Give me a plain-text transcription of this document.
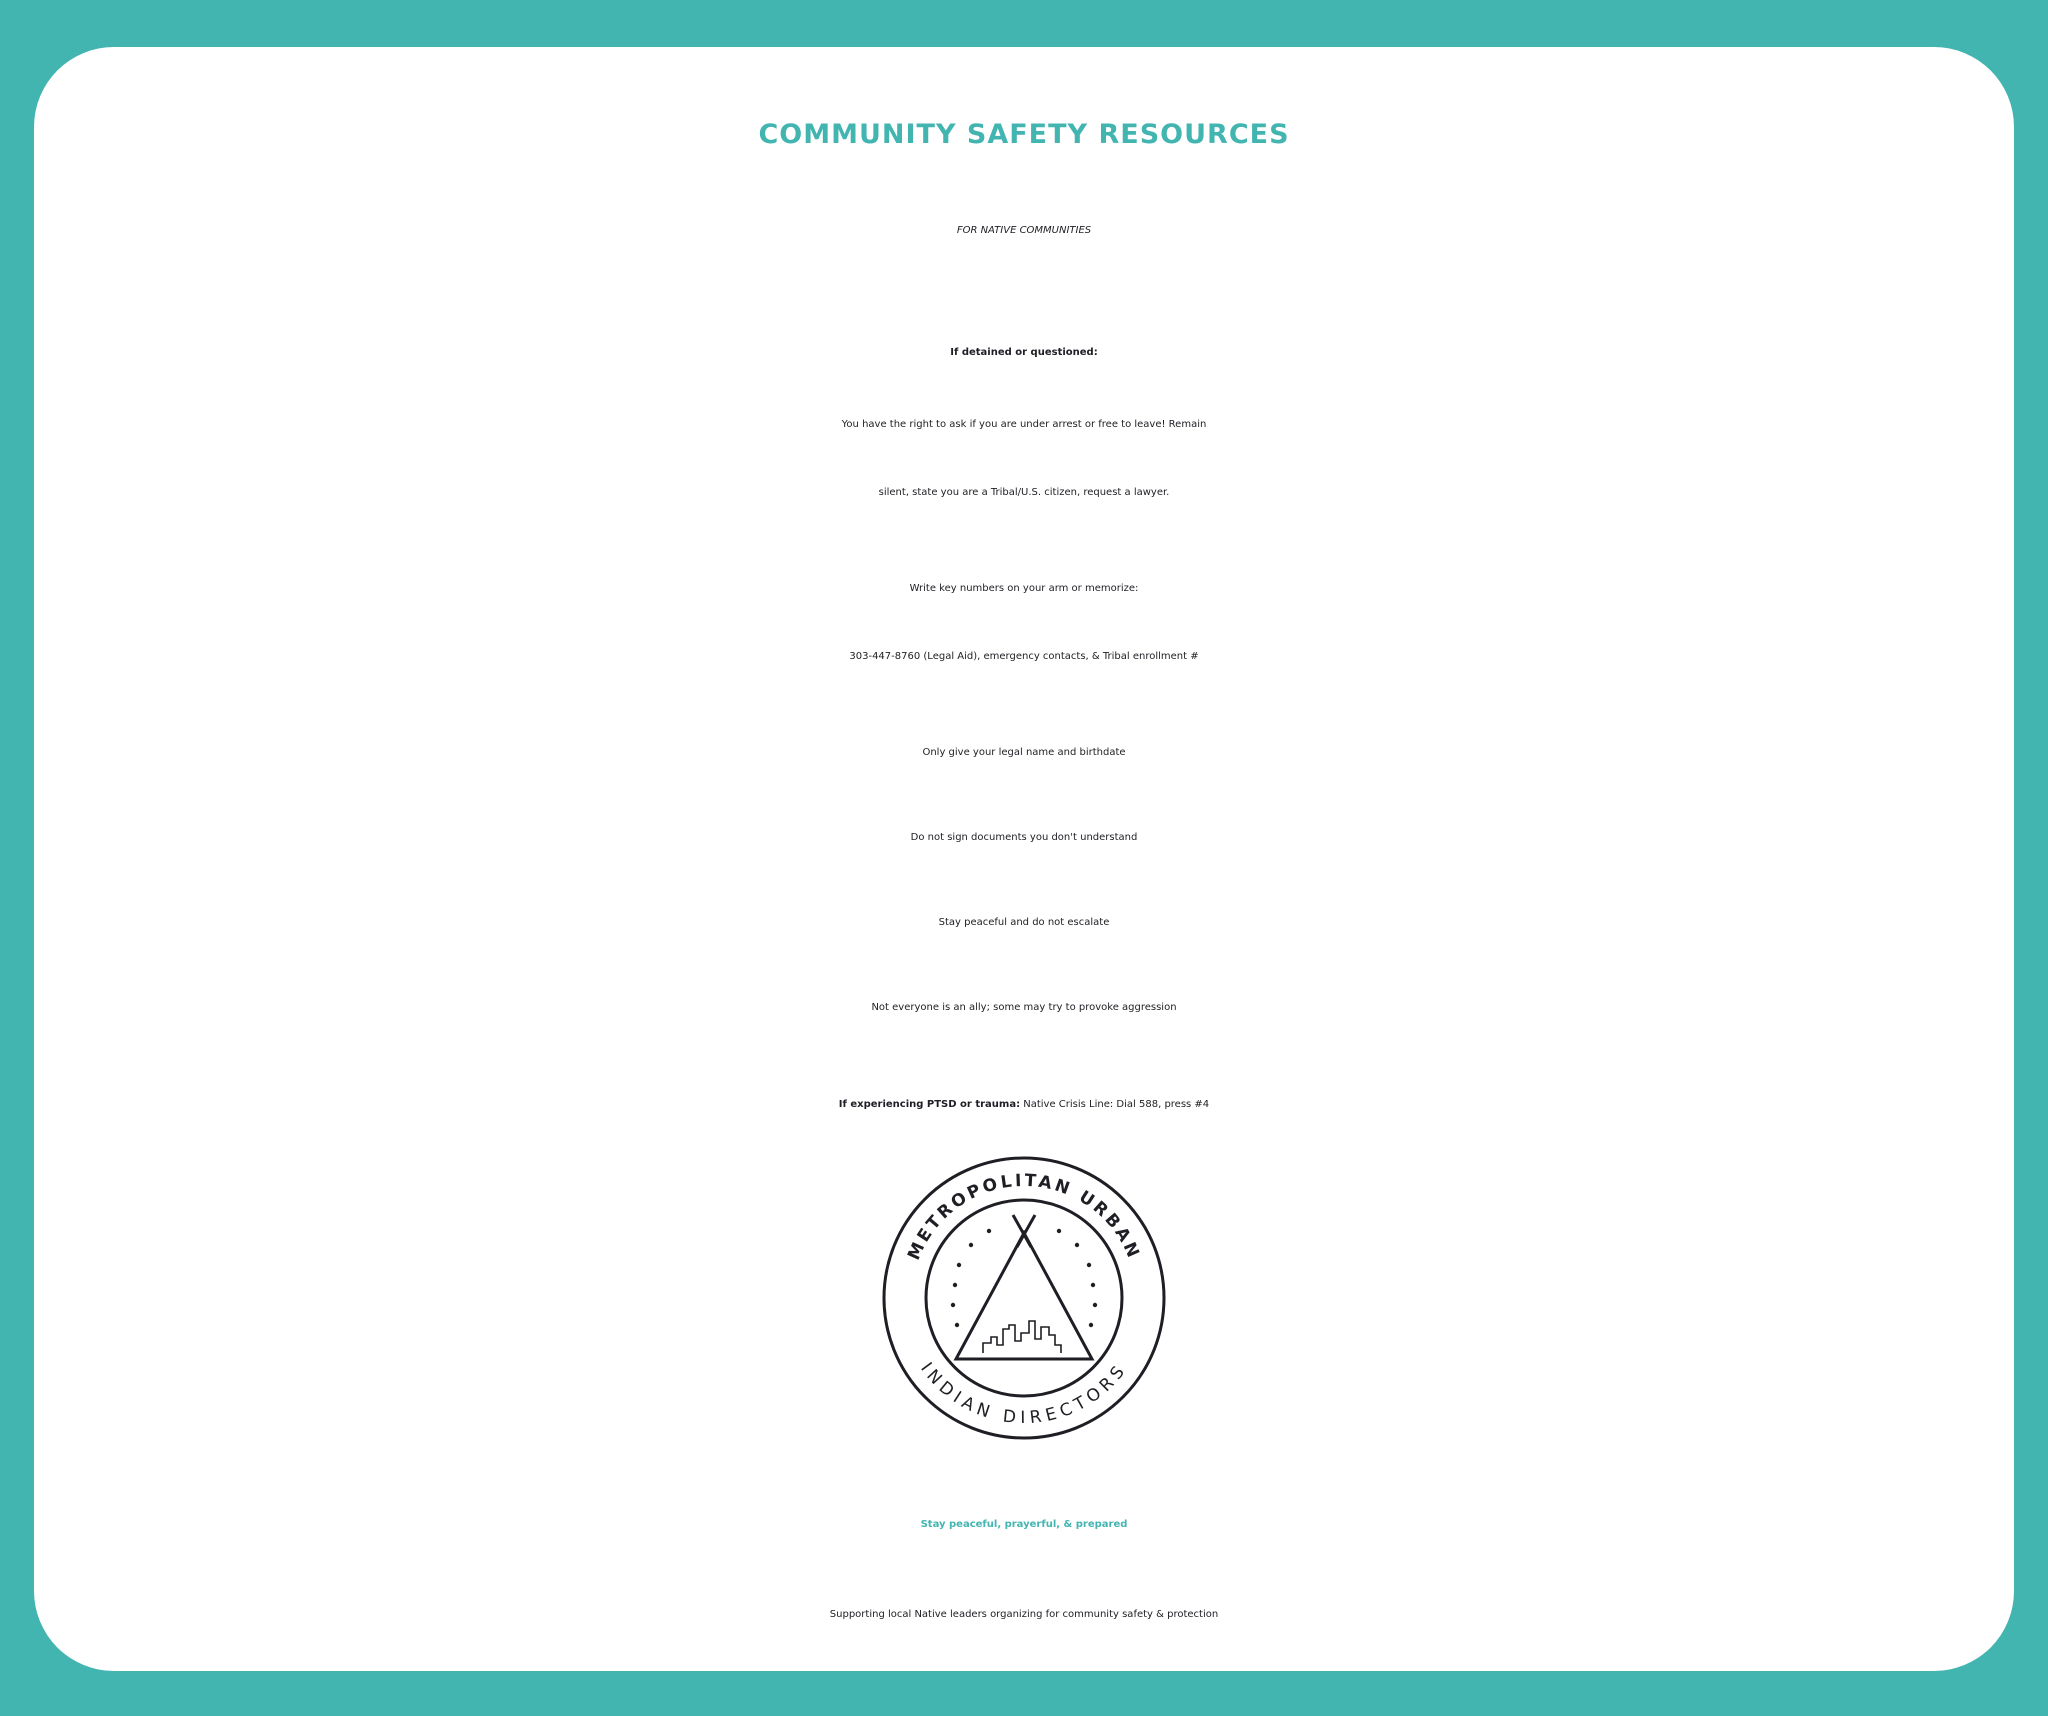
COMMUNITY SAFETY RESOURCES
FOR NATIVE COMMUNITIES
If detained or questioned:
You have the right to ask if you are under arrest or free to leave! Remain
silent, state you are a Tribal/U.S. citizen, request a lawyer.
Write key numbers on your arm or memorize:
303-447-8760 (Legal Aid), emergency contacts, & Tribal enrollment #
Only give your legal name and birthdate
Do not sign documents you don't understand
Stay peaceful and do not escalate
Not everyone is an ally; some may try to provoke aggression
If experiencing PTSD or trauma: Native Crisis Line: Dial 588, press #4
METROPOLITAN URBAN
INDIAN DIRECTORS
Stay peaceful, prayerful, & prepared
Supporting local Native leaders organizing for community safety & protection
